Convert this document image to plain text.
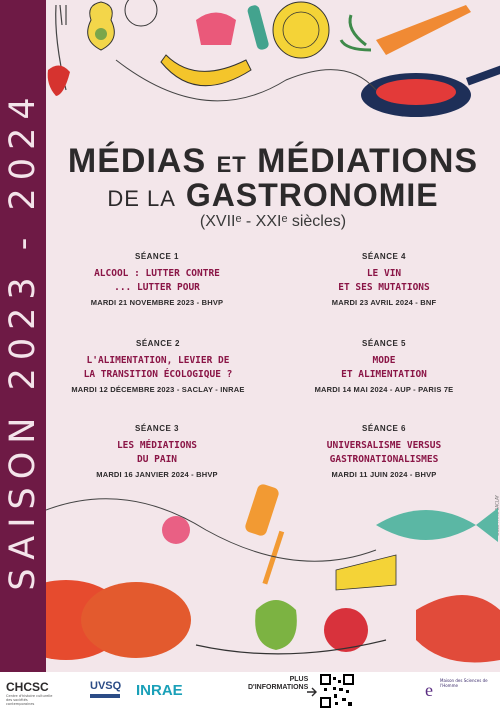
SAISON 2023 - 2024 MÉDIAS ET MÉDIATIONS
DE LA GASTRONOMIE
(XVIIᵉ - XXIᵉ siècles)
SÉANCE 1
ALCOOL : LUTTER CONTRE
... LUTTER POUR
MARDI 21 NOVEMBRE 2023 - BHVP
SÉANCE 2
L'ALIMENTATION, LEVIER DE
LA TRANSITION ÉCOLOGIQUE ?
MARDI 12 DÉCEMBRE 2023 - SACLAY - INRAE
SÉANCE 3
LES MÉDIATIONS
DU PAIN
MARDI 16 JANVIER 2024 - BHVP
SÉANCE 4
LE VIN
ET SES MUTATIONS
MARDI 23 AVRIL 2024 - BNF
SÉANCE 5
MODE
ET ALIMENTATION
MARDI 14 MAI 2024 - AUP - PARIS 7E
SÉANCE 6
UNIVERSALISME VERSUS
GASTRONATIONALISMES
MARDI 11 JUIN 2024 - BHVP
CHCSC
Centre d'histoire culturelle des sociétés contemporaines
UVSQ INRAE
PLUS
D'INFORMATIONS	e Maison des Sciences de l'Homme
